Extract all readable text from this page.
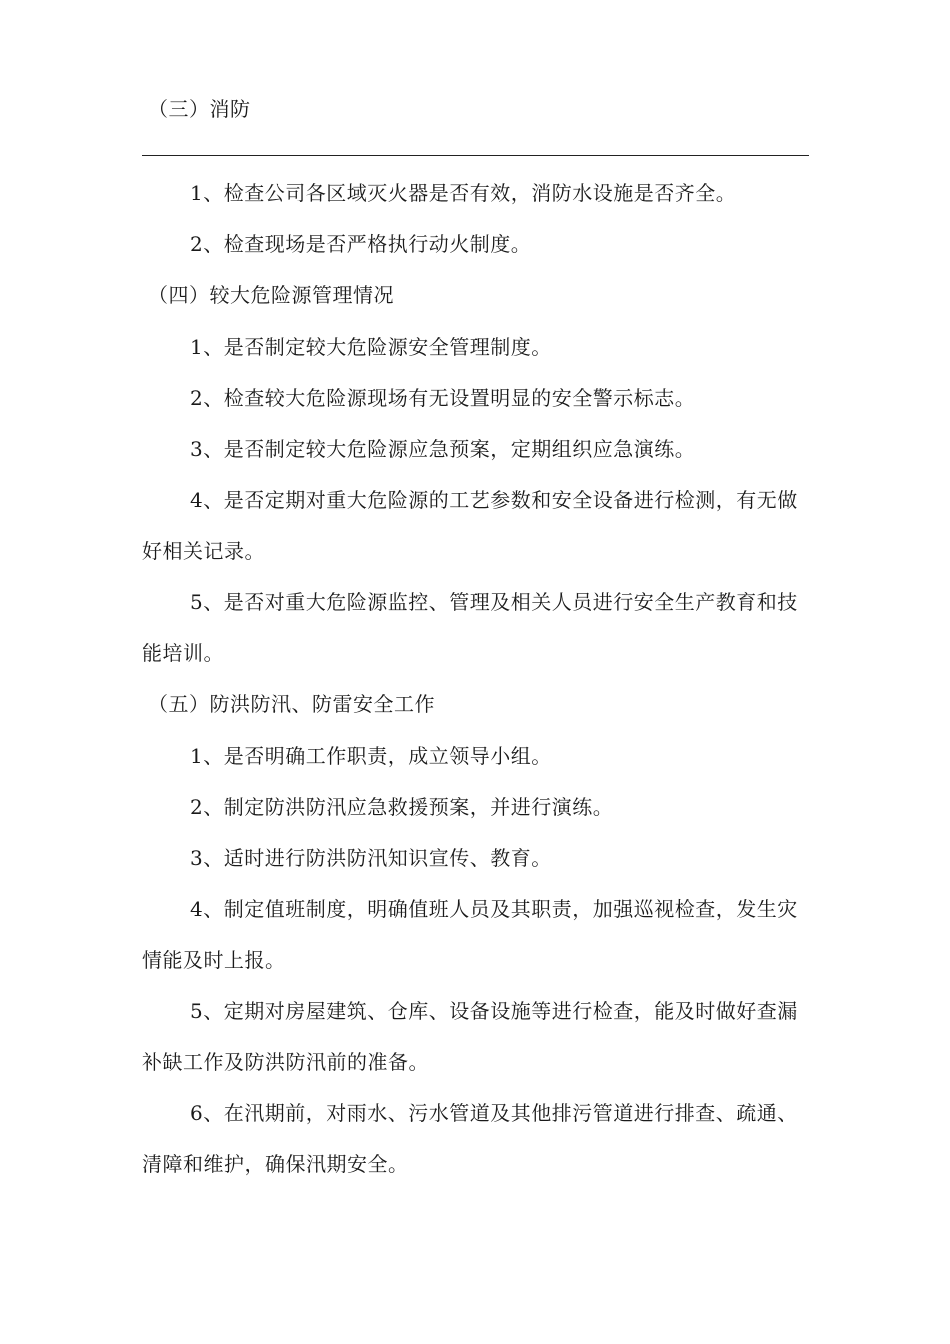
（三）消防
1、检查公司各区域灭火器是否有效，消防水设施是否齐全。
2、检查现场是否严格执行动火制度。
（四）较大危险源管理情况
1、是否制定较大危险源安全管理制度。
2、检查较大危险源现场有无设置明显的安全警示标志。
3、是否制定较大危险源应急预案，定期组织应急演练。
4、是否定期对重大危险源的工艺参数和安全设备进行检测，有无做好相关记录。
5、是否对重大危险源监控、管理及相关人员进行安全生产教育和技能培训。
（五）防洪防汛、防雷安全工作
1、是否明确工作职责，成立领导小组。
2、制定防洪防汛应急救援预案，并进行演练。
3、适时进行防洪防汛知识宣传、教育。
4、制定值班制度，明确值班人员及其职责，加强巡视检查，发生灾情能及时上报。
5、定期对房屋建筑、仓库、设备设施等进行检查，能及时做好查漏补缺工作及防洪防汛前的准备。
6、在汛期前，对雨水、污水管道及其他排污管道进行排查、疏通、清障和维护，确保汛期安全。
